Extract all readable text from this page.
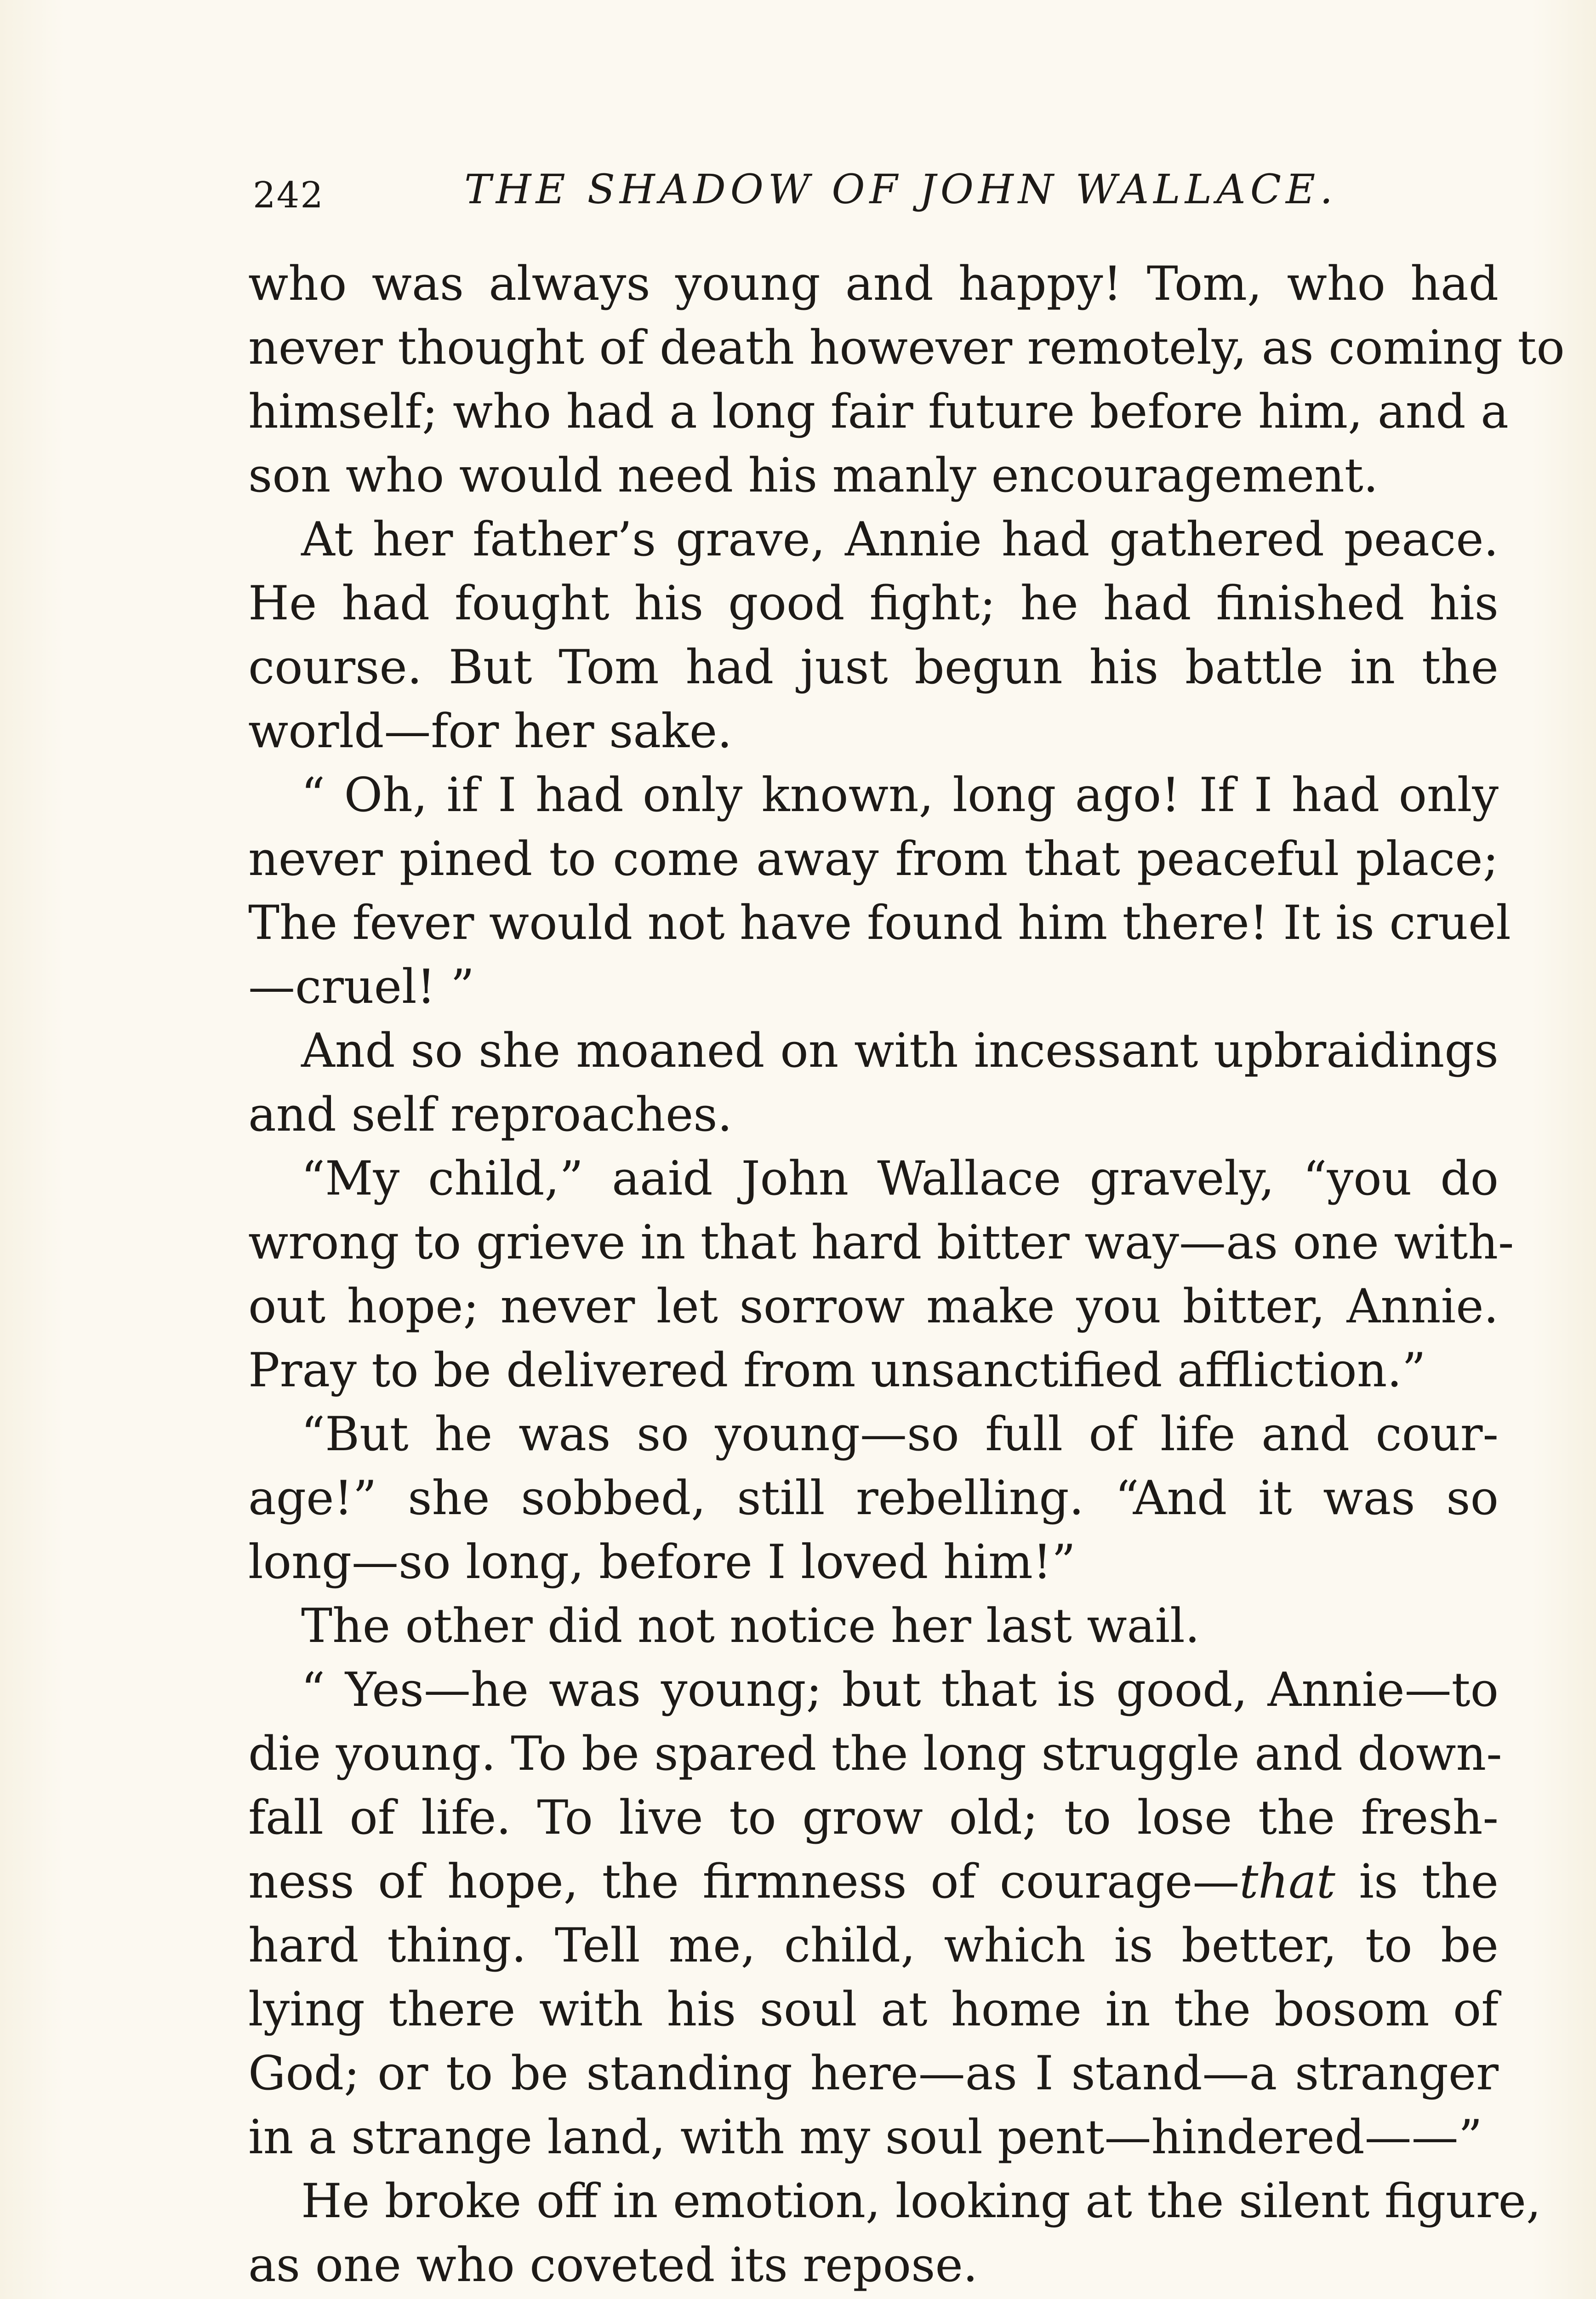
242	THE SHADOW OF JOHN WALLACE.
who was always young and happy! Tom, who had
never thought of death however remotely, as coming to
himself; who had a long fair future before him, and a
son who would need his manly encouragement.
At her father’s grave, Annie had gathered peace.
He had fought his good fight; he had finished his
course. But Tom had just begun his battle in the
world—for her sake.
“ Oh, if I had only known, long ago! If I had only
never pined to come away from that peaceful place;
The fever would not have found him there! It is cruel
—cruel! ”
And so she moaned on with incessant upbraidings
and self reproaches.
“My child,” aaid John Wallace gravely, “you do
wrong to grieve in that hard bitter way—as one with-
out hope; never let sorrow make you bitter, Annie.
Pray to be delivered from unsanctified affliction.”
“But he was so young—so full of life and cour-
age!” she sobbed, still rebelling. “And it was so
long—so long, before I loved him!”
The other did not notice her last wail.
“ Yes—he was young; but that is good, Annie—to
die young. To be spared the long struggle and down-
fall of life. To live to grow old; to lose the fresh-
ness of hope, the firmness of courage—that is the
hard thing. Tell me, child, which is better, to be
lying there with his soul at home in the bosom of
God; or to be standing here—as I stand—a stranger
in a strange land, with my soul pent—hindered——”
He broke off in emotion, looking at the silent figure,
as one who coveted its repose.
